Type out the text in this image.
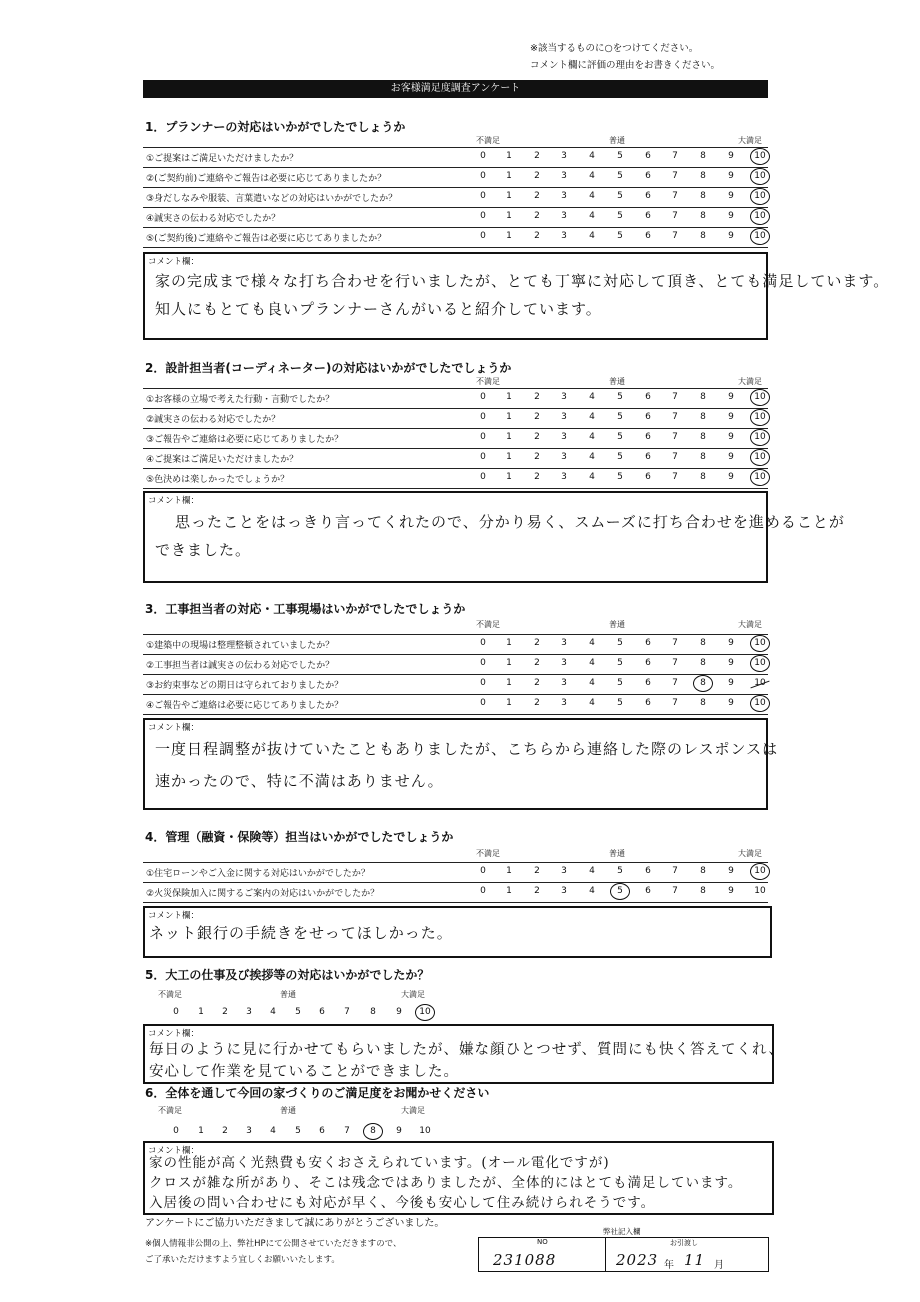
※該当するものに○をつけてください。
コメント欄に評価の理由をお書きください。
お客様満足度調査アンケート
1．プランナーの対応はいかがでしたでしょうか
不満足	普通	大満足
①ご提案はご満足いただけましたか？	0	1	2	3	4	5	6	7	8	9	10
②(ご契約前)ご連絡やご報告は必要に応じてありましたか？	0	1	2	3	4	5	6	7	8	9	10
③身だしなみや服装、言葉遣いなどの対応はいかがでしたか？	0	1	2	3	4	5	6	7	8	9	10
④誠実さの伝わる対応でしたか？	0	1	2	3	4	5	6	7	8	9	10
⑤(ご契約後)ご連絡やご報告は必要に応じてありましたか？	0	1	2	3	4	5	6	7	8	9	10
コメント欄：
家の完成まで様々な打ち合わせを行いましたが、とても丁寧に対応して頂き、とても満足しています。
知人にもとても良いプランナーさんがいると紹介しています。
2．設計担当者(コーディネーター)の対応はいかがでしたでしょうか
不満足	普通	大満足
①お客様の立場で考えた行動・言動でしたか？	0	1	2	3	4	5	6	7	8	9	10
②誠実さの伝わる対応でしたか？	0	1	2	3	4	5	6	7	8	9	10
③ご報告やご連絡は必要に応じてありましたか？	0	1	2	3	4	5	6	7	8	9	10
④ご提案はご満足いただけましたか？	0	1	2	3	4	5	6	7	8	9	10
⑤色決めは楽しかったでしょうか？	0	1	2	3	4	5	6	7	8	9	10
コメント欄：
思ったことをはっきり言ってくれたので、分かり易く、スムーズに打ち合わせを進めることが
できました。
3．工事担当者の対応・工事現場はいかがでしたでしょうか
不満足	普通	大満足
①建築中の現場は整理整頓されていましたか？	0	1	2	3	4	5	6	7	8	9	10
②工事担当者は誠実さの伝わる対応でしたか？	0	1	2	3	4	5	6	7	8	9	10
③お約束事などの期日は守られておりましたか？	0	1	2	3	4	5	6	7	8	9	10
④ご報告やご連絡は必要に応じてありましたか？	0	1	2	3	4	5	6	7	8	9	10
コメント欄：
一度日程調整が抜けていたこともありましたが、こちらから連絡した際のレスポンスは
速かったので、特に不満はありません。
4．管理（融資・保険等）担当はいかがでしたでしょうか
不満足	普通	大満足
①住宅ローンやご入金に関する対応はいかがでしたか？	0	1	2	3	4	5	6	7	8	9	10
②火災保険加入に関するご案内の対応はいかがでしたか？	0	1	2	3	4	5	6	7	8	9	10
コメント欄：
ネット銀行の手続きをせってほしかった。
5．大工の仕事及び挨拶等の対応はいかがでしたか？
不満足	普通	大満足
0	1	2	3	4	5	6	7	8	9	10
コメント欄：
毎日のように見に行かせてもらいましたが、嫌な顔ひとつせず、質問にも快く答えてくれ、
安心して作業を見ていることができました。
6．全体を通して今回の家づくりのご満足度をお聞かせください
不満足	普通	大満足
0	1	2	3	4	5	6	7	8	9	10
コメント欄：
家の性能が高く光熱費も安くおさえられています。(オール電化ですが)
クロスが雑な所があり、そこは残念ではありましたが、全体的にはとても満足しています。
入居後の問い合わせにも対応が早く、今後も安心して住み続けられそうです。
アンケートにご協力いただきまして誠にありがとうございました。
※個人情報非公開の上、弊社HPにて公開させていただきますので、
ご了承いただけますよう宜しくお願いいたします。
弊社記入欄
NO
231088
お引渡し
2023 年 11 月
